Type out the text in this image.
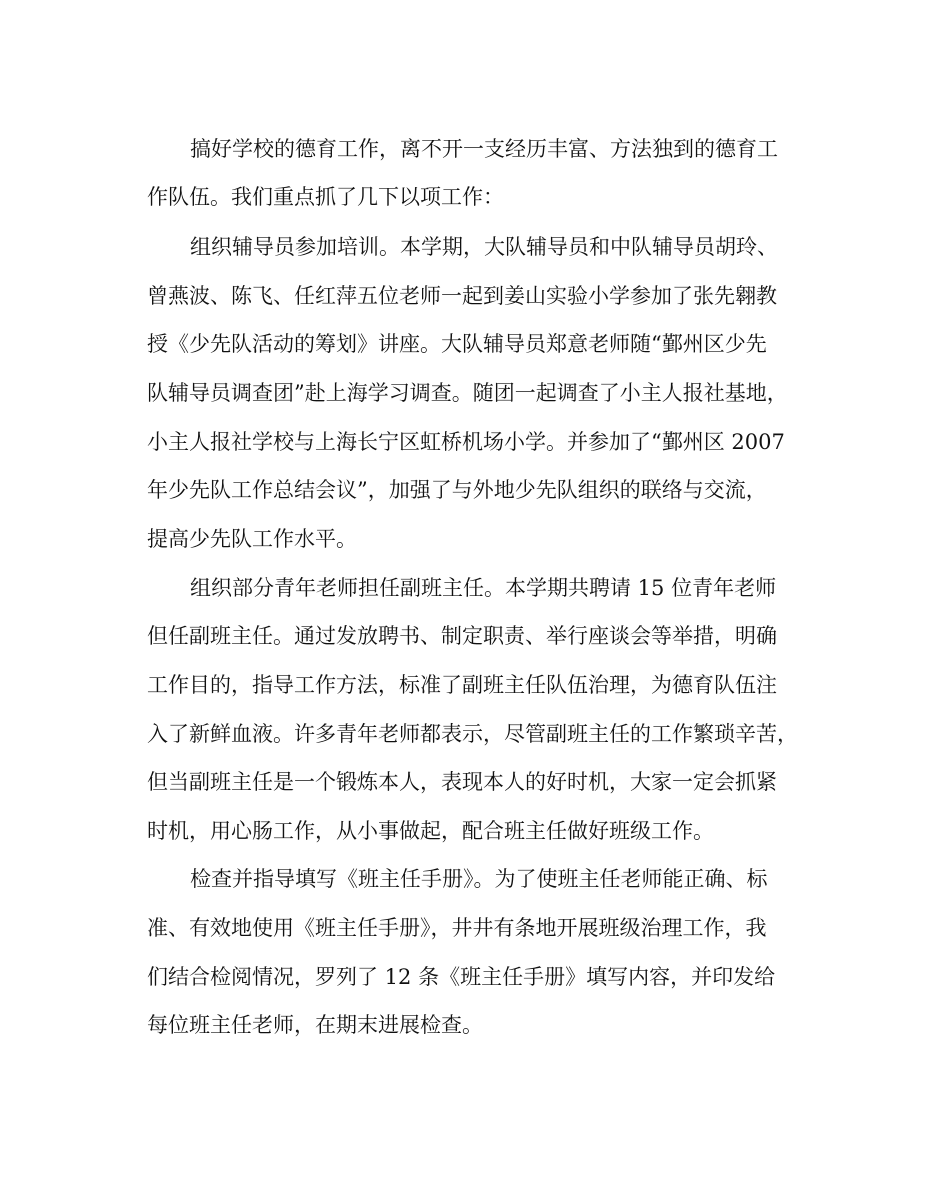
搞好学校的德育工作，离不开一支经历丰富、方法独到的德育工
作队伍。我们重点抓了几下以项工作：
组织辅导员参加培训。本学期，大队辅导员和中队辅导员胡玲、
曾燕波、陈飞、任红萍五位老师一起到姜山实验小学参加了张先翱教
授《少先队活动的筹划》讲座。大队辅导员郑意老师随“鄞州区少先
队辅导员调查团”赴上海学习调查。随团一起调查了小主人报社基地，
小主人报社学校与上海长宁区虹桥机场小学。并参加了“鄞州区 2007
年少先队工作总结会议”，加强了与外地少先队组织的联络与交流，
提高少先队工作水平。
组织部分青年老师担任副班主任。本学期共聘请 15 位青年老师
但任副班主任。通过发放聘书、制定职责、举行座谈会等举措，明确
工作目的，指导工作方法，标准了副班主任队伍治理，为德育队伍注
入了新鲜血液。许多青年老师都表示，尽管副班主任的工作繁琐辛苦，
但当副班主任是一个锻炼本人，表现本人的好时机，大家一定会抓紧
时机，用心肠工作，从小事做起，配合班主任做好班级工作。
检查并指导填写《班主任手册》。为了使班主任老师能正确、标
准、有效地使用《班主任手册》，井井有条地开展班级治理工作，我
们结合检阅情况，罗列了 12 条《班主任手册》填写内容，并印发给
每位班主任老师，在期末进展检查。
